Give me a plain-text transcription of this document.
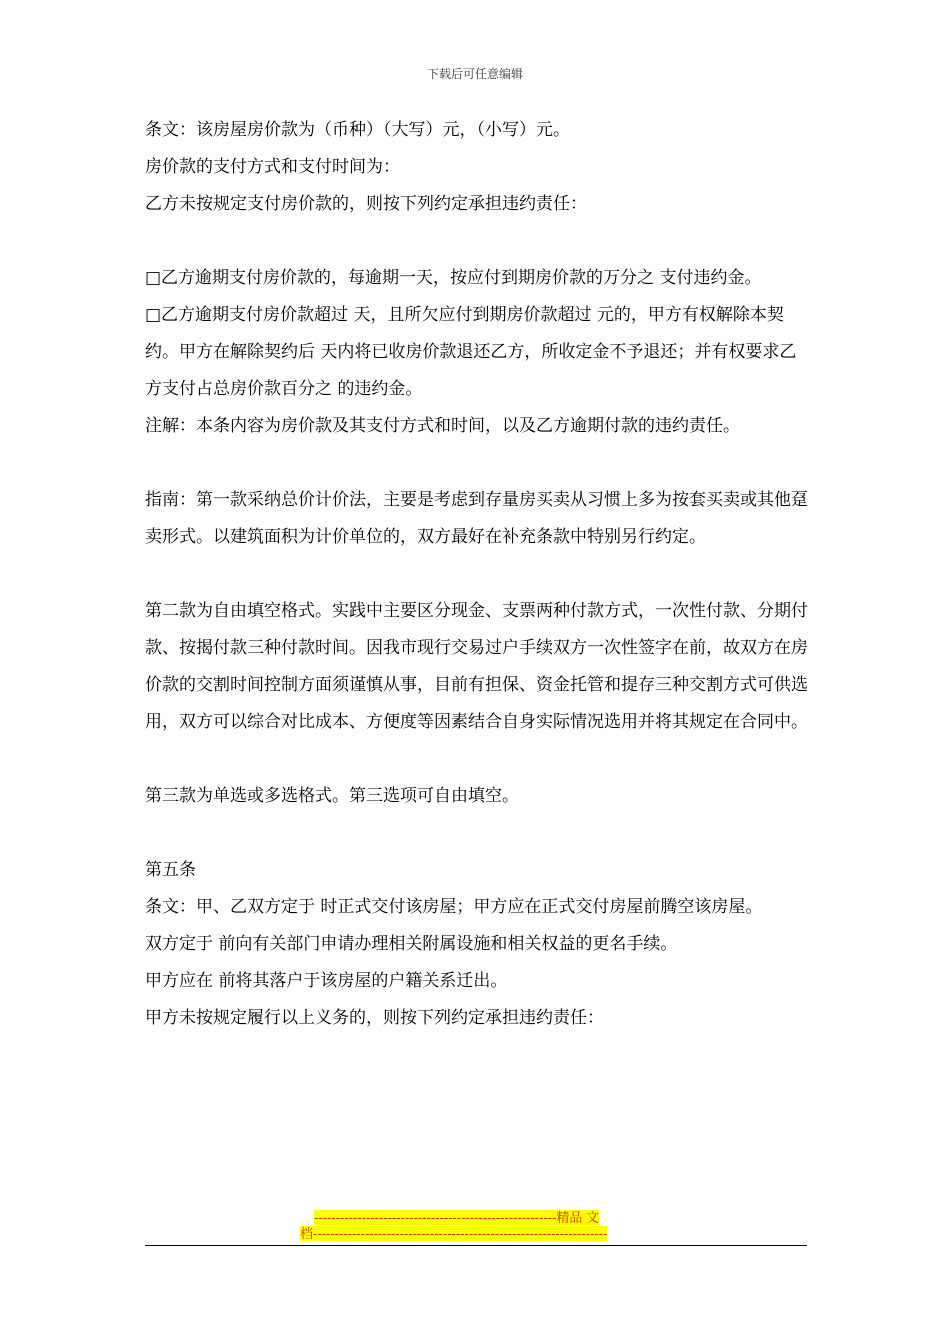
下载后可任意编辑

条文：该房屋房价款为（币种）（大写）元，（小写）元。

房价款的支付方式和支付时间为：

乙方未按规定支付房价款的，则按下列约定承担违约责任：

□乙方逾期支付房价款的，每逾期一天，按应付到期房价款的万分之 支付违约金。

□乙方逾期支付房价款超过 天，且所欠应付到期房价款超过 元的，甲方有权解除本契约。甲方在解除契约后 天内将已收房价款退还乙方，所收定金不予退还；并有权要求乙方支付占总房价款百分之 的违约金。

注解：本条内容为房价款及其支付方式和时间，以及乙方逾期付款的违约责任。

指南：第一款采纳总价计价法，主要是考虑到存量房买卖从习惯上多为按套买卖或其他趸卖形式。以建筑面积为计价单位的，双方最好在补充条款中特别另行约定。

第二款为自由填空格式。实践中主要区分现金、支票两种付款方式，一次性付款、分期付款、按揭付款三种付款时间。因我市现行交易过户手续双方一次性签字在前，故双方在房价款的交割时间控制方面须谨慎从事，目前有担保、资金托管和提存三种交割方式可供选用，双方可以综合对比成本、方便度等因素结合自身实际情况选用并将其规定在合同中。

第三款为单选或多选格式。第三选项可自由填空。

第五条

条文：甲、乙双方定于 时正式交付该房屋；甲方应在正式交付房屋前腾空该房屋。

双方定于 前向有关部门申请办理相关附属设施和相关权益的更名手续。

甲方应在 前将其落户于该房屋的户籍关系迁出。

甲方未按规定履行以上义务的，则按下列约定承担违约责任：

--------------------------------------------------------精品 文
档--------------------------------------------------------------------
